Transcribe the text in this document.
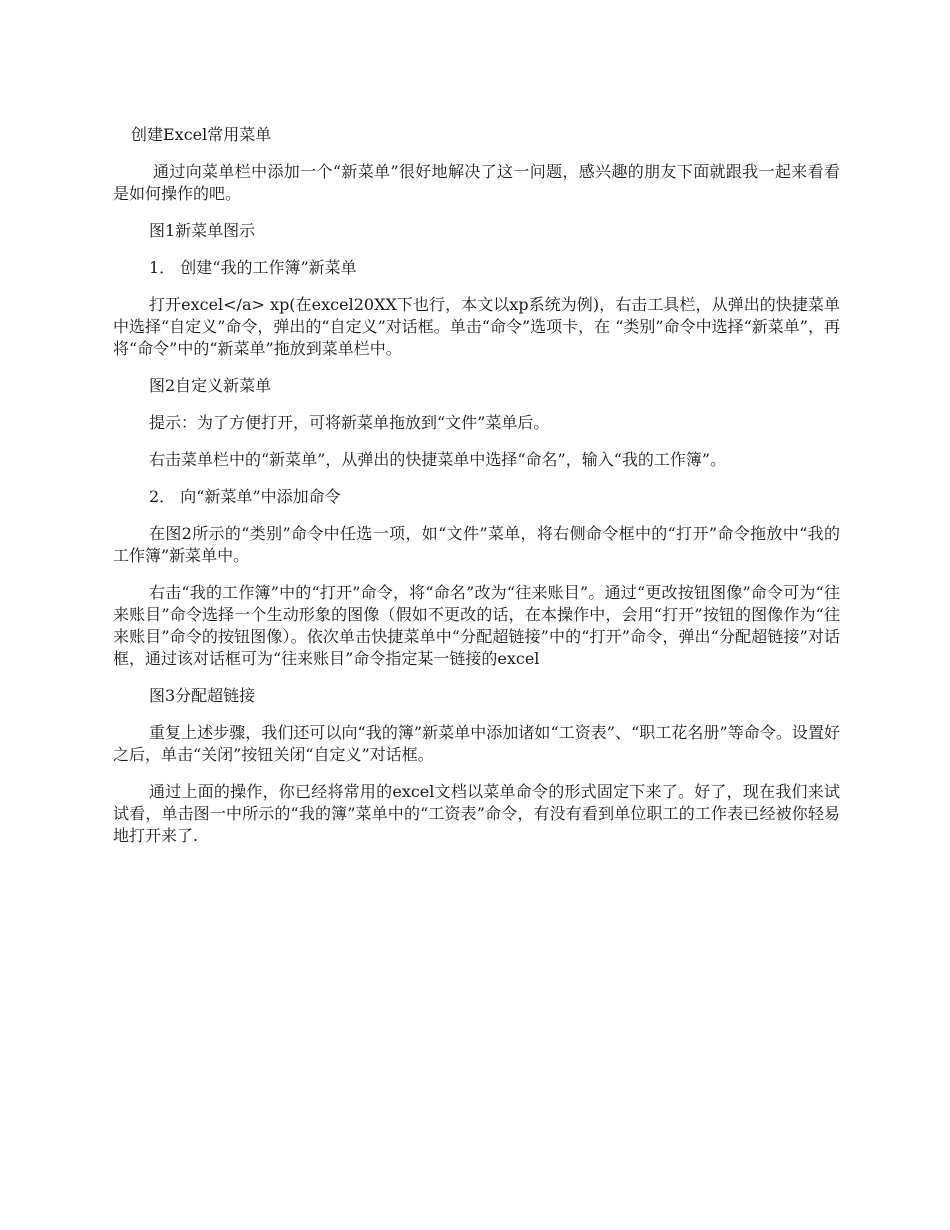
创建Excel常用菜单

通过向菜单栏中添加一个“新菜单”很好地解决了这一问题，感兴趣的朋友下面就跟我一起来看看是如何操作的吧。

图1新菜单图示

1． 创建“我的工作簿”新菜单

打开excel</a> xp(在excel20XX下也行，本文以xp系统为例)，右击工具栏，从弹出的快捷菜单中选择“自定义”命令，弹出的“自定义”对话框。单击“命令”选项卡，在 “类别”命令中选择“新菜单”，再将“命令”中的“新菜单”拖放到菜单栏中。

图2自定义新菜单

提示：为了方便打开，可将新菜单拖放到“文件”菜单后。

右击菜单栏中的“新菜单”，从弹出的快捷菜单中选择“命名”，输入“我的工作簿”。

2． 向“新菜单”中添加命令

在图2所示的“类别”命令中任选一项，如“文件”菜单，将右侧命令框中的“打开”命令拖放中“我的工作簿”新菜单中。

右击“我的工作簿”中的“打开”命令，将“命名”改为“往来账目”。通过“更改按钮图像”命令可为“往来账目”命令选择一个生动形象的图像（假如不更改的话，在本操作中，会用“打开”按钮的图像作为“往来账目”命令的按钮图像）。依次单击快捷菜单中“分配超链接”中的“打开”命令，弹出“分配超链接”对话框，通过该对话框可为“往来账目”命令指定某一链接的excel

图3分配超链接

重复上述步骤，我们还可以向“我的簿”新菜单中添加诸如“工资表”、“职工花名册”等命令。设置好之后，单击“关闭”按钮关闭“自定义”对话框。

通过上面的操作，你已经将常用的excel文档以菜单命令的形式固定下来了。好了，现在我们来试试看，单击图一中所示的“我的簿”菜单中的“工资表”命令，有没有看到单位职工的工作表已经被你轻易地打开来了.
